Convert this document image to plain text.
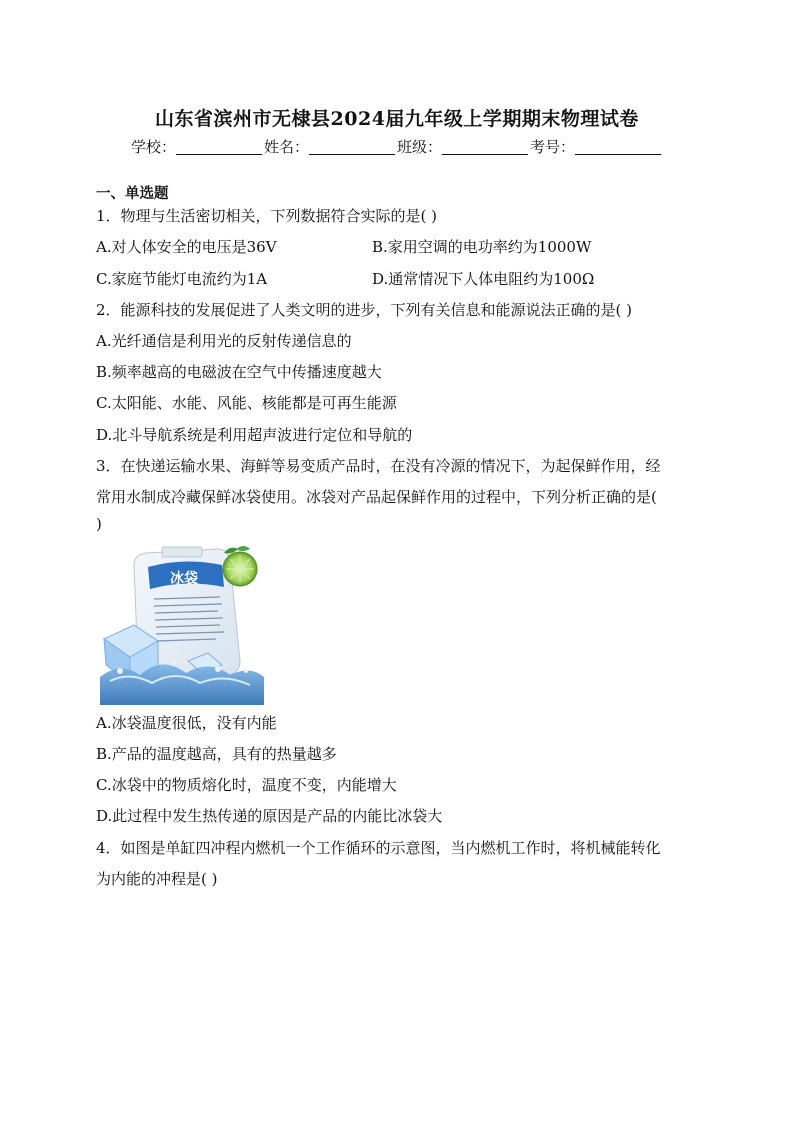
山东省滨州市无棣县2024届九年级上学期期末物理试卷
学校：	姓名：	班级：	考号：
一、单选题
1．物理与生活密切相关，下列数据符合实际的是( )
A.对人体安全的电压是36V	B.家用空调的电功率约为1000W
C.家庭节能灯电流约为1A	D.通常情况下人体电阻约为100Ω
2．能源科技的发展促进了人类文明的进步，下列有关信息和能源说法正确的是( )
A.光纤通信是利用光的反射传递信息的
B.频率越高的电磁波在空气中传播速度越大
C.太阳能、水能、风能、核能都是可再生能源
D.北斗导航系统是利用超声波进行定位和导航的
3．在快递运输水果、海鲜等易变质产品时，在没有冷源的情况下，为起保鲜作用，经
常用水制成冷藏保鲜冰袋使用。冰袋对产品起保鲜作用的过程中，下列分析正确的是(
)
冰袋
A.冰袋温度很低，没有内能
B.产品的温度越高，具有的热量越多
C.冰袋中的物质熔化时，温度不变，内能增大
D.此过程中发生热传递的原因是产品的内能比冰袋大
4．如图是单缸四冲程内燃机一个工作循环的示意图，当内燃机工作时，将机械能转化
为内能的冲程是( )
